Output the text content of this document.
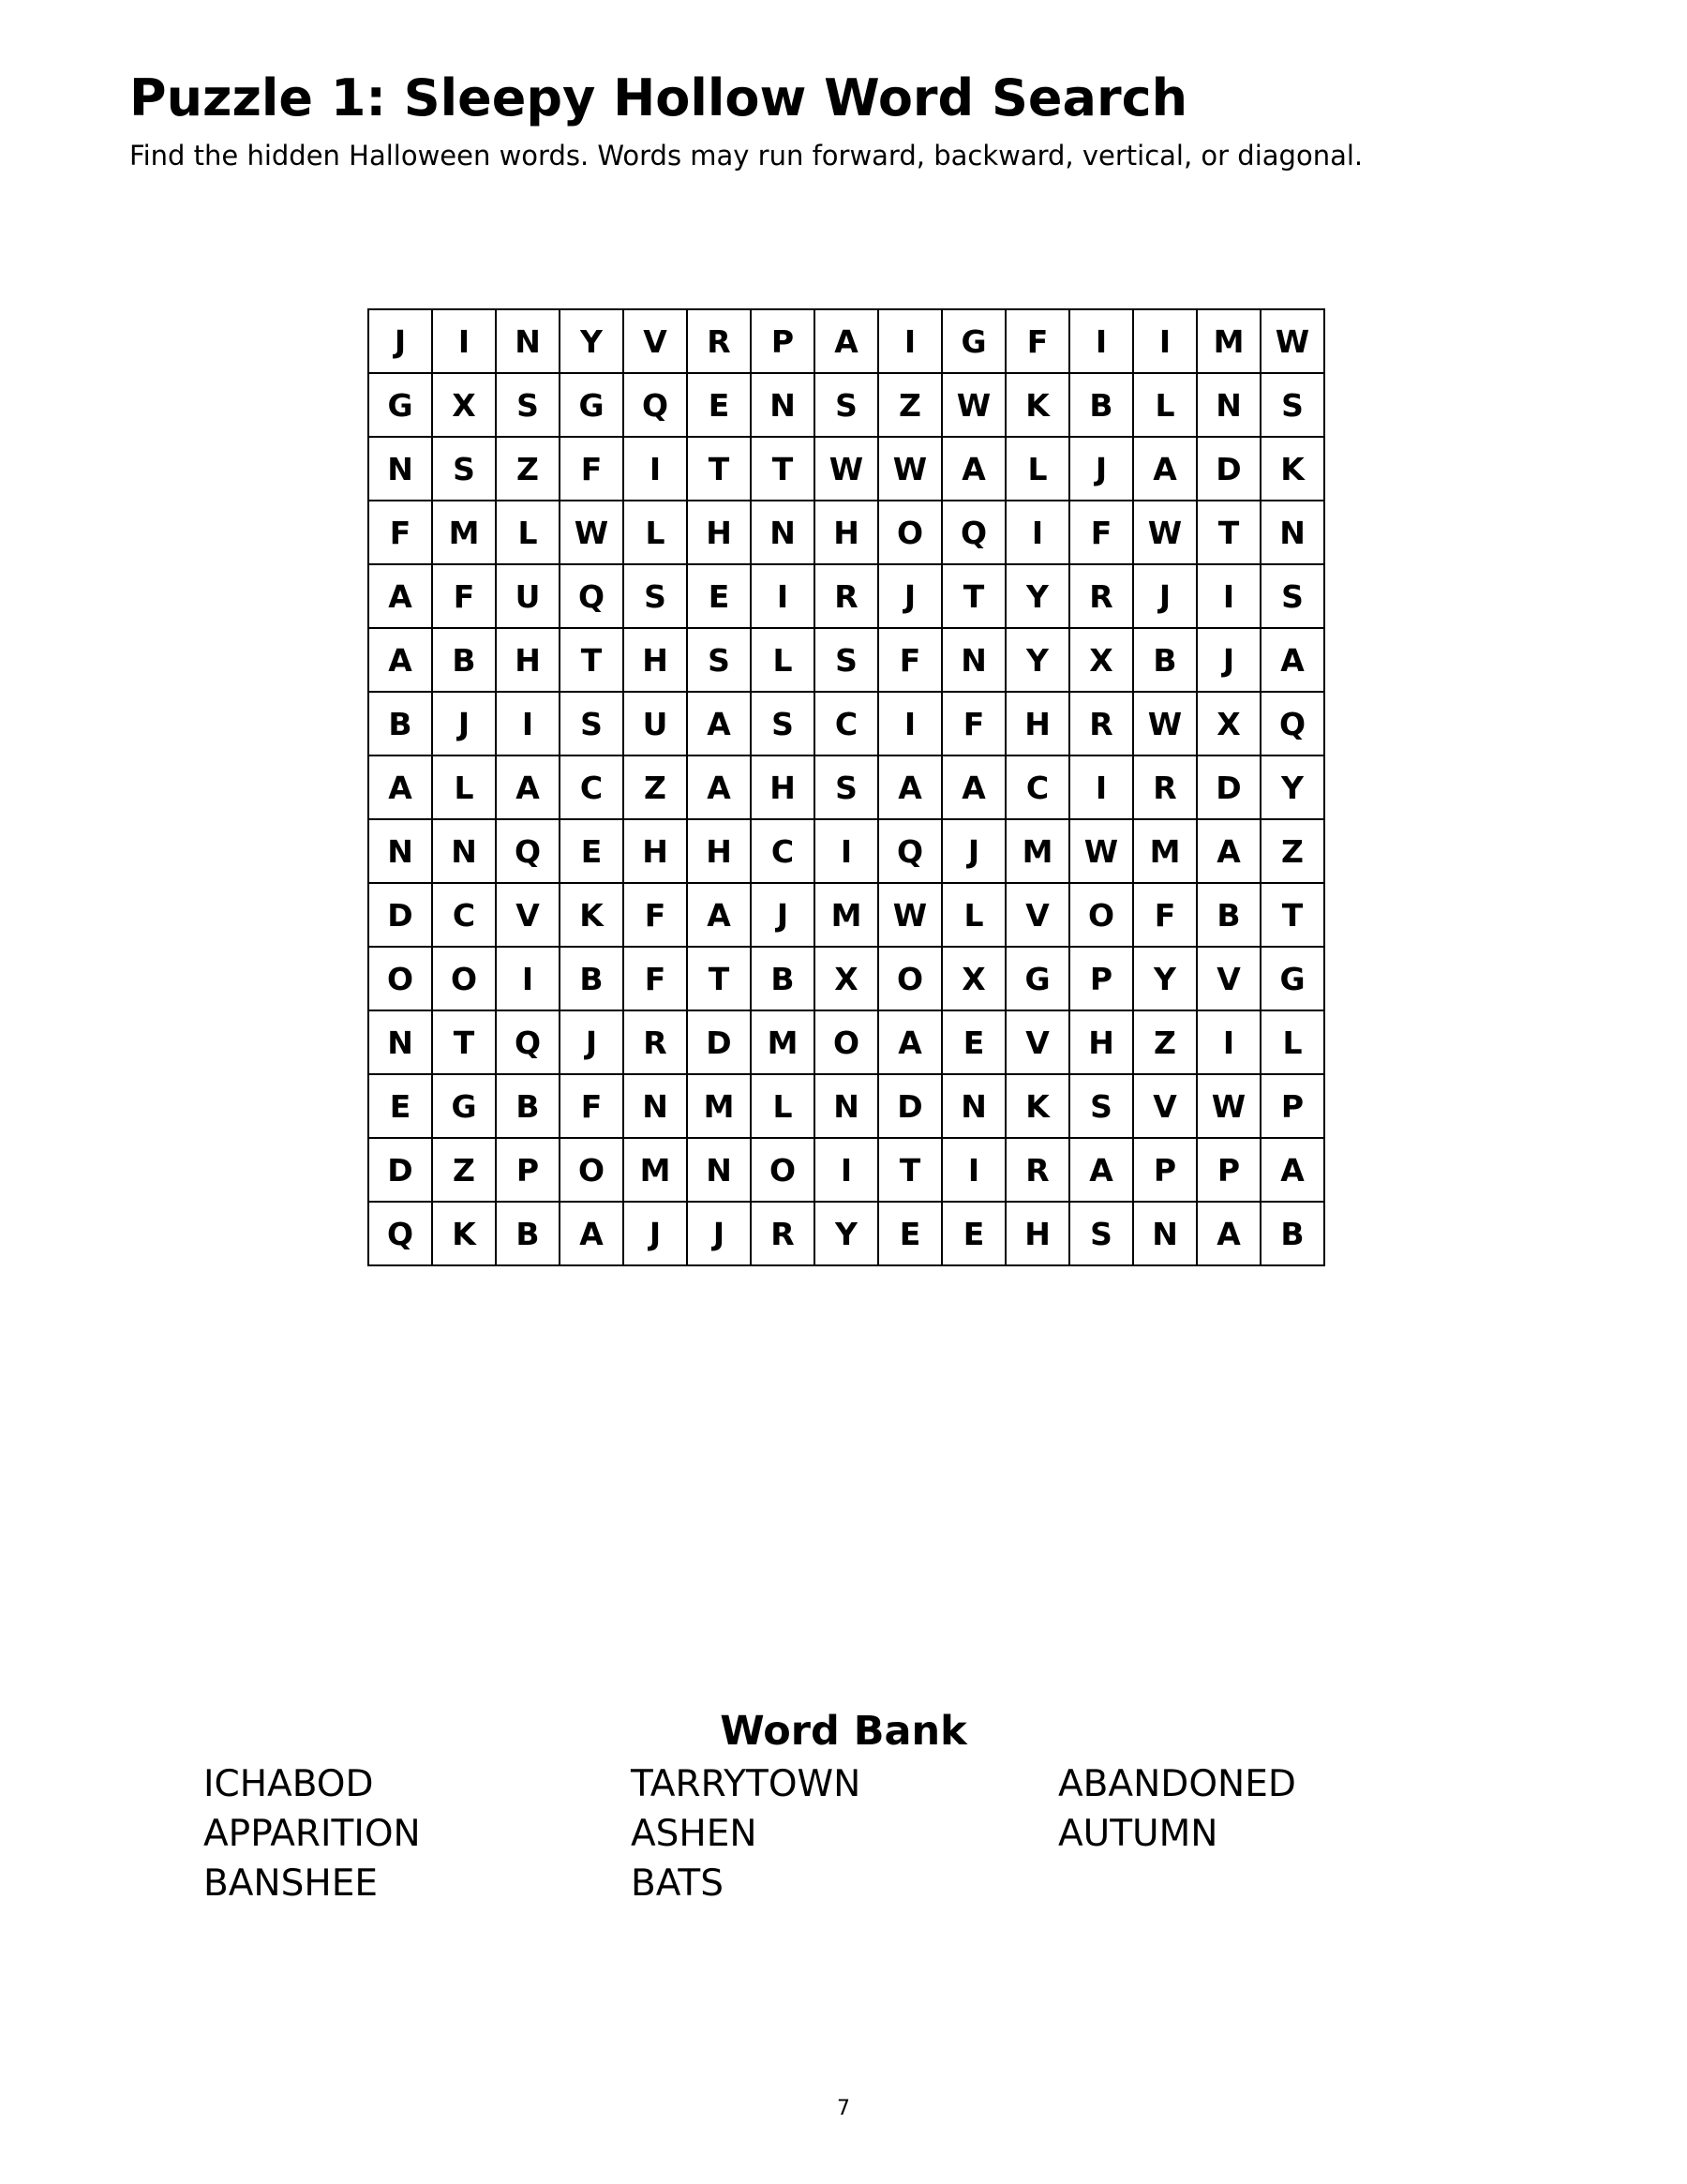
Puzzle 1: Sleepy Hollow Word Search

Find the hidden Halloween words. Words may run forward, backward, vertical, or diagonal.

J	I	N	Y	V	R	P	A	I	G	F	I	I	M	W
G	X	S	G	Q	E	N	S	Z	W	K	B	L	N	S
N	S	Z	F	I	T	T	W	W	A	L	J	A	D	K
F	M	L	W	L	H	N	H	O	Q	I	F	W	T	N
A	F	U	Q	S	E	I	R	J	T	Y	R	J	I	S
A	B	H	T	H	S	L	S	F	N	Y	X	B	J	A
B	J	I	S	U	A	S	C	I	F	H	R	W	X	Q
A	L	A	C	Z	A	H	S	A	A	C	I	R	D	Y
N	N	Q	E	H	H	C	I	Q	J	M	W	M	A	Z
D	C	V	K	F	A	J	M	W	L	V	O	F	B	T
O	O	I	B	F	T	B	X	O	X	G	P	Y	V	G
N	T	Q	J	R	D	M	O	A	E	V	H	Z	I	L
E	G	B	F	N	M	L	N	D	N	K	S	V	W	P
D	Z	P	O	M	N	O	I	T	I	R	A	P	P	A
Q	K	B	A	J	J	R	Y	E	E	H	S	N	A	B
Word Bank
ICHABOD
APPARITION
BANSHEE
TARRYTOWN
ASHEN
BATS
ABANDONED
AUTUMN
7
